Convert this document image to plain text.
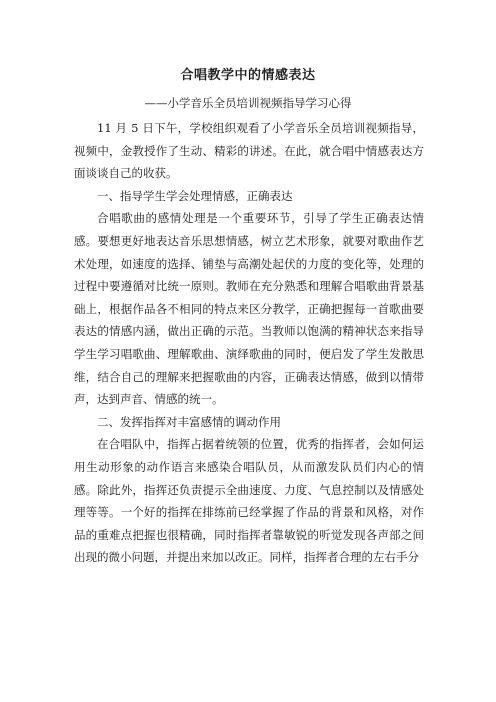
合唱教学中的情感表达
——小学音乐全员培训视频指导学习心得

11 月 5 日下午，学校组织观看了小学音乐全员培训视频指导，视频中，金教授作了生动、精彩的讲述。在此，就合唱中情感表达方面谈谈自己的收获。

一、指导学生学会处理情感，正确表达

合唱歌曲的感情处理是一个重要环节，引导了学生正确表达情感。要想更好地表达音乐思想情感，树立艺术形象，就要对歌曲作艺术处理，如速度的选择、铺垫与高潮处起伏的力度的变化等，处理的过程中要遵循对比统一原则。教师在充分熟悉和理解合唱歌曲背景基础上，根据作品各不相同的特点来区分教学，正确把握每一首歌曲要表达的情感内涵，做出正确的示范。当教师以饱满的精神状态来指导学生学习唱歌曲、理解歌曲、演绎歌曲的同时，便启发了学生发散思维，结合自己的理解来把握歌曲的内容，正确表达情感，做到以情带声，达到声音、情感的统一。

二、发挥指挥对丰富感情的调动作用

在合唱队中，指挥占据着统领的位置，优秀的指挥者，会如何运用生动形象的动作语言来感染合唱队员，从而激发队员们内心的情感。除此外，指挥还负责提示全曲速度、力度、气息控制以及情感处理等等。一个好的指挥在排练前已经掌握了作品的背景和风格，对作品的重难点把握也很精确，同时指挥者靠敏锐的听觉发现各声部之间出现的微小问题，并提出来加以改正。同样，指挥者合理的左右手分
